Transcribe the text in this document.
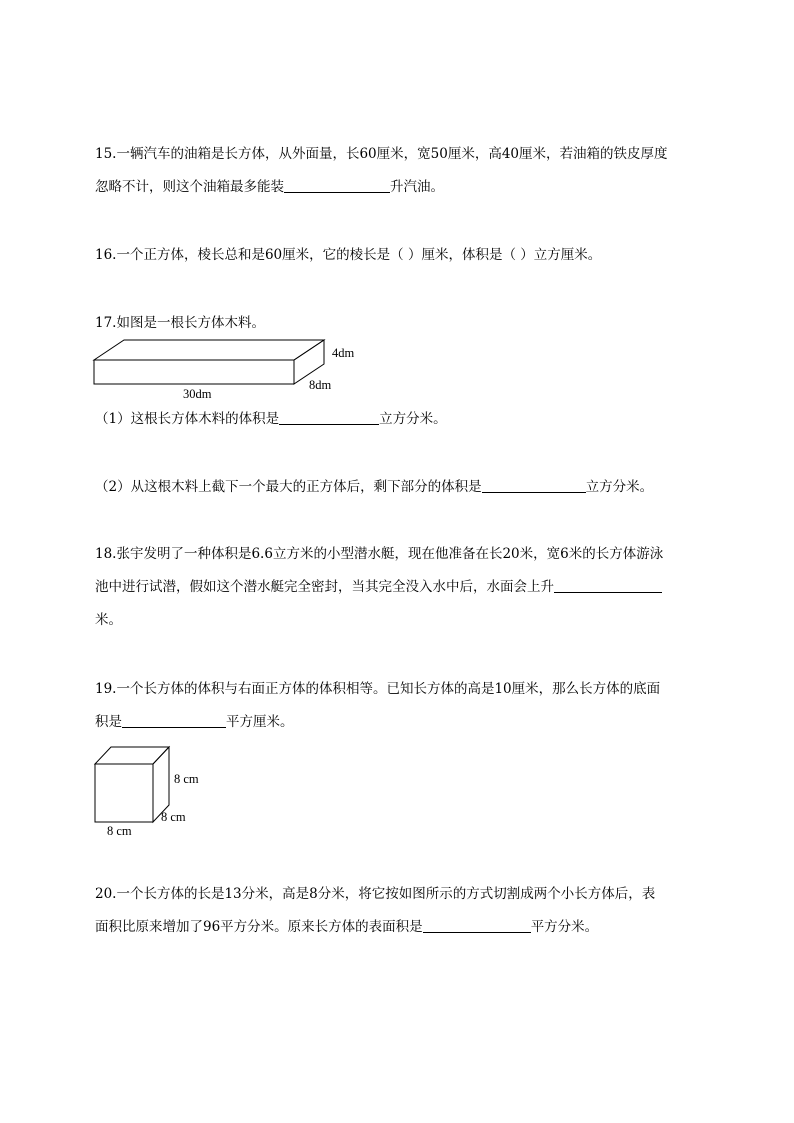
15.一辆汽车的油箱是长方体，从外面量，长60厘米，宽50厘米，高40厘米，若油箱的铁皮厚度
忽略不计，则这个油箱最多能装	升汽油。
16.一个正方体，棱长总和是60厘米，它的棱长是（ ）厘米，体积是（ ）立方厘米。
17.如图是一根长方体木料。
4dm
8dm
30dm
（1）这根长方体木料的体积是	立方分米。
（2）从这根木料上截下一个最大的正方体后，剩下部分的体积是	立方分米。
18.张宇发明了一种体积是6.6立方米的小型潜水艇，现在他准备在长20米，宽6米的长方体游泳
池中进行试潜，假如这个潜水艇完全密封，当其完全没入水中后，水面会上升
米。
19.一个长方体的体积与右面正方体的体积相等。已知长方体的高是10厘米，那么长方体的底面
积是	平方厘米。
8 cm
8 cm
8 cm
20.一个长方体的长是13分米，高是8分米，将它按如图所示的方式切割成两个小长方体后，表
面积比原来增加了96平方分米。原来长方体的表面积是	平方分米。
